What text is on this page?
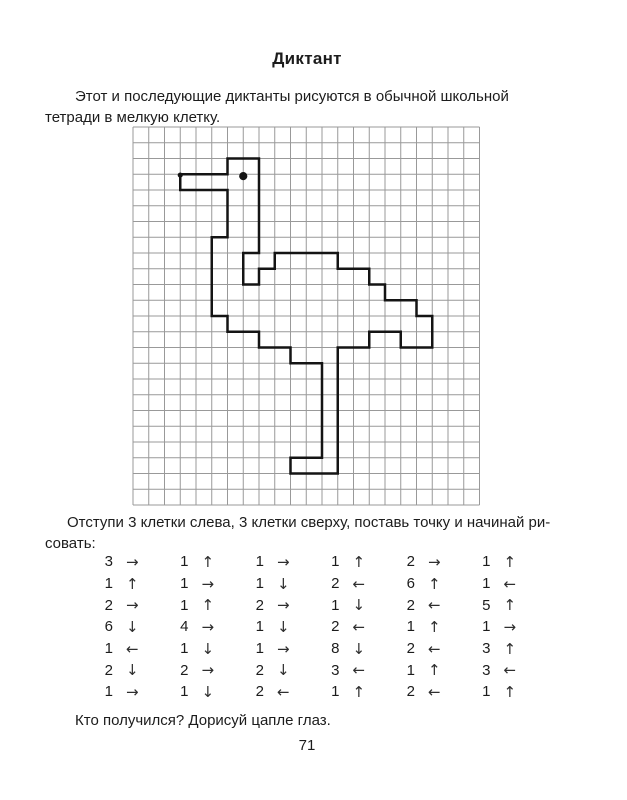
Диктант

Этот и последующие диктанты рисуются в обычной школьной тетради в мелкую клетку.

Отступи 3 клетки слева, 3 клетки сверху, поставь точку и начинай ри-
совать:

3 →	1 ↑	1 →	1 ↑	2 →	1 ↑
1 ↑	1 →	1 ↓	2 ←	6 ↑	1 ←
2 →	1 ↑	2 →	1 ↓	2 ←	5 ↑
6 ↓	4 →	1 ↓	2 ←	1 ↑	1 →
1 ←	1 ↓	1 →	8 ↓	2 ←	3 ↑
2 ↓	2 →	2 ↓	3 ←	1 ↑	3 ←
1 →	1 ↓	2 ←	1 ↑	2 ←	1 ↑

Кто получился? Дорисуй цапле глаз.

71
